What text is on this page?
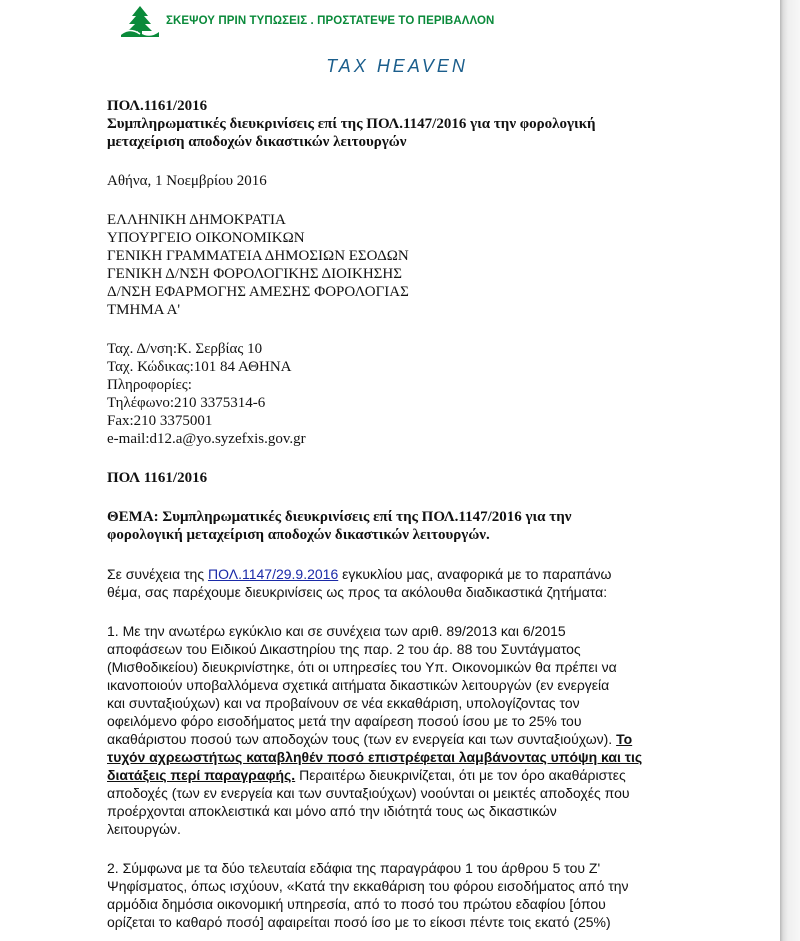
ΣΚΕΨΟΥ ΠΡΙΝ ΤΥΠΩΣΕΙΣ . ΠΡΟΣΤΑΤΕΨΕ ΤΟ ΠΕΡΙΒΑΛΛΟΝ
TAX HEAVEN
ΠΟΛ.1161/2016
Συμπληρωματικές διευκρινίσεις επί της ΠΟΛ.1147/2016 για την φορολογική
μεταχείριση αποδοχών δικαστικών λειτουργών
Αθήνα, 1 Νοεμβρίου 2016
ΕΛΛΗΝΙΚΗ ΔΗΜΟΚΡΑΤΙΑ
ΥΠΟΥΡΓΕΙΟ ΟΙΚΟΝΟΜΙΚΩΝ
ΓΕΝΙΚΗ ΓΡΑΜΜΑΤΕΙΑ ΔΗΜΟΣΙΩΝ ΕΣΟΔΩΝ
ΓΕΝΙΚΗ Δ/ΝΣΗ ΦΟΡΟΛΟΓΙΚΗΣ ΔΙΟΙΚΗΣΗΣ
Δ/ΝΣΗ ΕΦΑΡΜΟΓΗΣ ΑΜΕΣΗΣ ΦΟΡΟΛΟΓΙΑΣ
ΤΜΗΜΑ Α'
Ταχ. Δ/νση:Κ. Σερβίας 10
Ταχ. Κώδικας:101 84 ΑΘΗΝΑ
Πληροφορίες:
Τηλέφωνο:210 3375314-6
Fax:210 3375001
e-mail:d12.a@yo.syzefxis.gov.gr
ΠΟΛ 1161/2016
ΘΕΜΑ: Συμπληρωματικές διευκρινίσεις επί της ΠΟΛ.1147/2016 για την
φορολογική μεταχείριση αποδοχών δικαστικών λειτουργών.
Σε συνέχεια της ΠΟΛ.1147/29.9.2016 εγκυκλίου μας, αναφορικά με το παραπάνω
θέμα, σας παρέχουμε διευκρινίσεις ως προς τα ακόλουθα διαδικαστικά ζητήματα:
1. Με την ανωτέρω εγκύκλιο και σε συνέχεια των αριθ. 89/2013 και 6/2015
αποφάσεων του Ειδικού Δικαστηρίου της παρ. 2 του άρ. 88 του Συντάγματος
(Μισθοδικείου) διευκρινίστηκε, ότι οι υπηρεσίες του Υπ. Οικονομικών θα πρέπει να
ικανοποιούν υποβαλλόμενα σχετικά αιτήματα δικαστικών λειτουργών (εν ενεργεία
και συνταξιούχων) και να προβαίνουν σε νέα εκκαθάριση, υπολογίζοντας τον
οφειλόμενο φόρο εισοδήματος μετά την αφαίρεση ποσού ίσου με το 25% του
ακαθάριστου ποσού των αποδοχών τους (των εν ενεργεία και των συνταξιούχων). Το
τυχόν αχρεωστήτως καταβληθέν ποσό επιστρέφεται λαμβάνοντας υπόψη και τις
διατάξεις περί παραγραφής. Περαιτέρω διευκρινίζεται, ότι με τον όρο ακαθάριστες
αποδοχές (των εν ενεργεία και των συνταξιούχων) νοούνται οι μεικτές αποδοχές που
προέρχονται αποκλειστικά και μόνο από την ιδιότητά τους ως δικαστικών
λειτουργών.
2. Σύμφωνα με τα δύο τελευταία εδάφια της παραγράφου 1 του άρθρου 5 του Ζ'
Ψηφίσματος, όπως ισχύουν, «Κατά την εκκαθάριση του φόρου εισοδήματος από την
αρμόδια δημόσια οικονομική υπηρεσία, από το ποσό του πρώτου εδαφίου [όπου
ορίζεται το καθαρό ποσό] αφαιρείται ποσό ίσο με το είκοσι πέντε τοις εκατό (25%)
